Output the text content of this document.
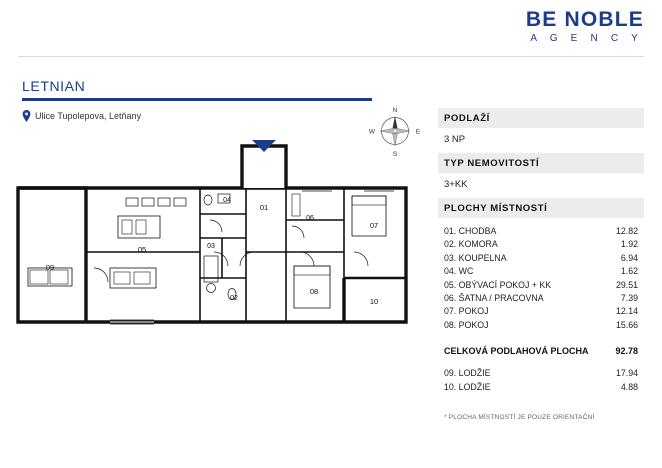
BE NOBLE
A G E N C Y
LETNIAN
Ulice Tupolepova, Letňany
N
S
W	E
01
02
03
04
05
06
07
08
09
10
PODLAŽÍ
3 NP
TYP NEMOVITOSTÍ
3+KK
PLOCHY MÍSTNOSTÍ
01. CHODBA	12.82
02. KOMORA	1.92
03. KOUPELNA	6.94
04. WC	1.62
05. OBÝVACÍ POKOJ + KK	29.51
06. ŠATNA / PRACOVNA	7.39
07. POKOJ	12.14
08. POKOJ	15.66
CELKOVÁ PODLAHOVÁ PLOCHA	92.78
09. LODŽIE	17.94
10. LODŽIE	4.88
* PLOCHA MÍSTNOSTÍ JE POUZE ORIENTAČNÍ
